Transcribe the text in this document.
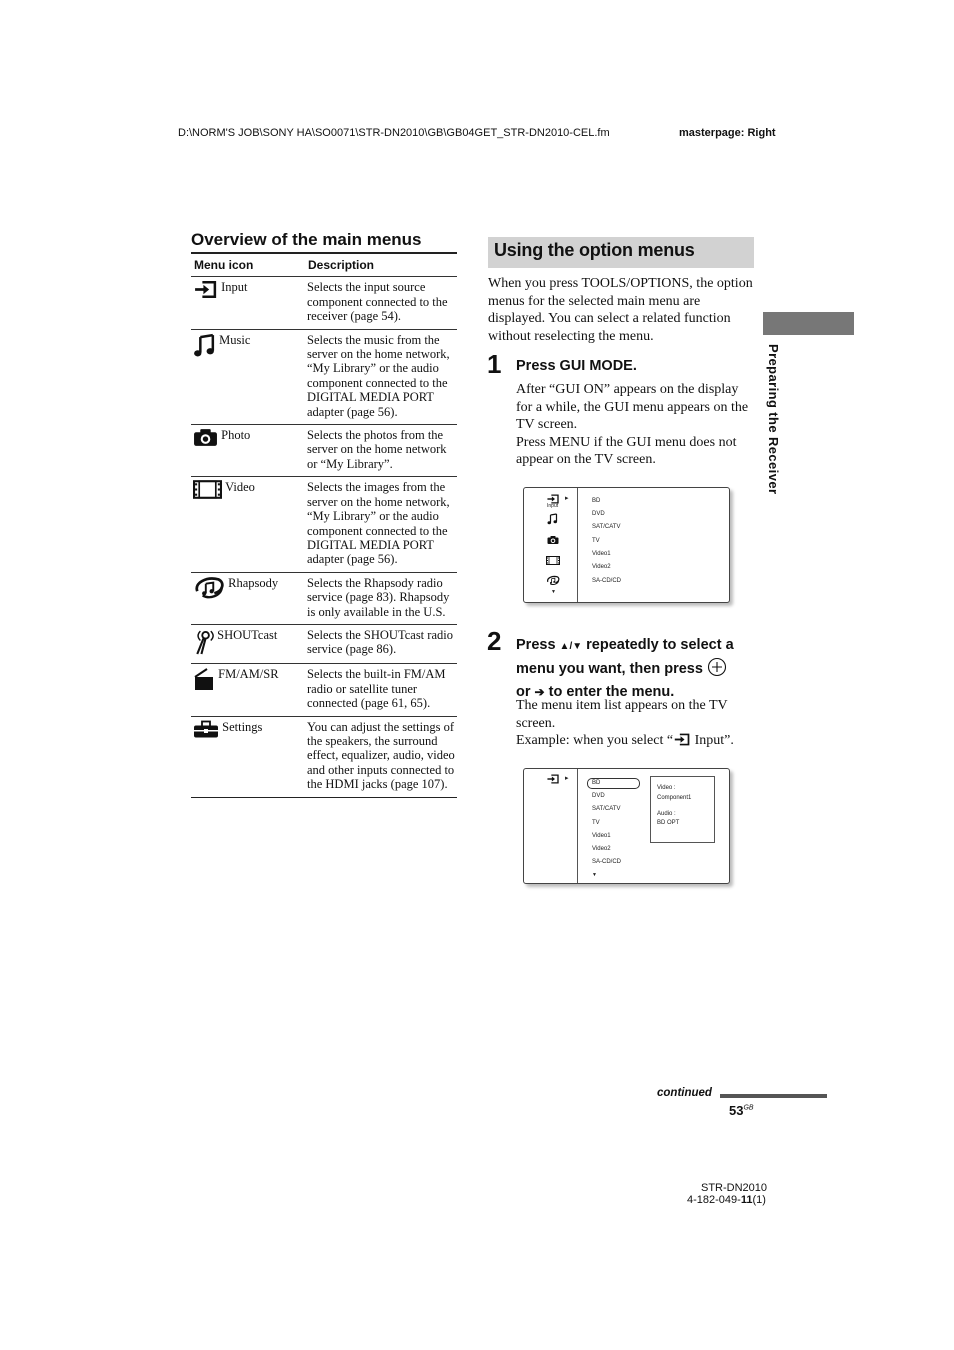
D:\NORM'S JOB\SONY HA\SO0071\STR-DN2010\GB\GB04GET_STR-DN2010-CEL.fm	masterpage: Right
Overview of the main menus
Menu icon	Description
Input	Selects the input source component connected to the receiver (page 54).
Music	Selects the music from the server on the home network, “My Library” or the audio component connected to the DIGITAL MEDIA PORT adapter (page 56).
Photo	Selects the photos from the server on the home network or “My Library”.
Video	Selects the images from the server on the home network, “My Library” or the audio component connected to the DIGITAL MEDIA PORT adapter (page 56).
Rhapsody	Selects the Rhapsody radio service (page 83). Rhapsody is only available in the U.S.
SHOUTcast	Selects the SHOUTcast radio service (page 86).
FM/AM/SR	Selects the built-in FM/AM radio or satellite tuner connected (page 61, 65).
Settings	You can adjust the settings of the speakers, the surround effect, equalizer, audio, video and other inputs connected to the HDMI jacks (page 107).
Using the option menus
When you press TOOLS/OPTIONS, the option menus for the selected main menu are displayed. You can select a related function without reselecting the menu.
1 Press GUI MODE.
After “GUI ON” appears on the display for a while, the GUI menu appears on the TV screen.
Press MENU if the GUI menu does not appear on the TV screen.
▸
Input
▼
BD
DVD
SAT/CATV
TV
Video1
Video2
SA-CD/CD
2 Press ▲/▼ repeatedly to select a menu you want, then press
or ➔ to enter the menu.
The menu item list appears on the TV screen.
Example: when you select “ Input”.
▸
BD
DVD
SAT/CATV
TV
Video1
Video2
SA-CD/CD
▼
Video :
Component1
Audio :
BD OPT
Preparing the Receiver
continued
$53^{GB}$
STR-DN2010
4-182-049-11(1)
